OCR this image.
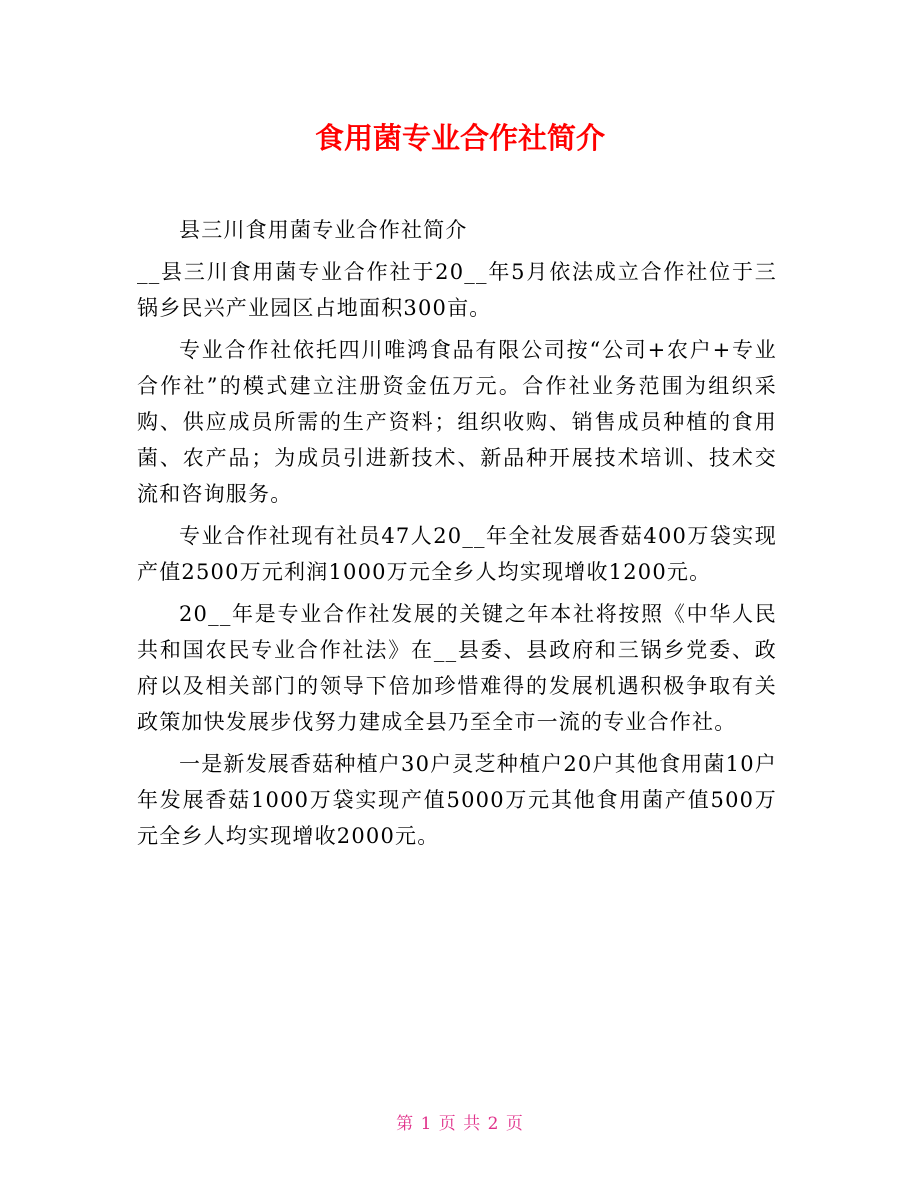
食用菌专业合作社简介

县三川食用菌专业合作社简介

__县三川食用菌专业合作社于20__年5月依法成立合作社位于三锅乡民兴产业园区占地面积300亩。

专业合作社依托四川唯鸿食品有限公司按“公司+农户+专业合作社”的模式建立注册资金伍万元。合作社业务范围为组织采购、供应成员所需的生产资料；组织收购、销售成员种植的食用菌、农产品；为成员引进新技术、新品种开展技术培训、技术交流和咨询服务。

专业合作社现有社员47人20__年全社发展香菇400万袋实现产值2500万元利润1000万元全乡人均实现增收1200元。

20__年是专业合作社发展的关键之年本社将按照《中华人民共和国农民专业合作社法》在__县委、县政府和三锅乡党委、政府以及相关部门的领导下倍加珍惜难得的发展机遇积极争取有关政策加快发展步伐努力建成全县乃至全市一流的专业合作社。

一是新发展香菇种植户30户灵芝种植户20户其他食用菌10户年发展香菇1000万袋实现产值5000万元其他食用菌产值500万元全乡人均实现增收2000元。

第 1 页 共 2 页
